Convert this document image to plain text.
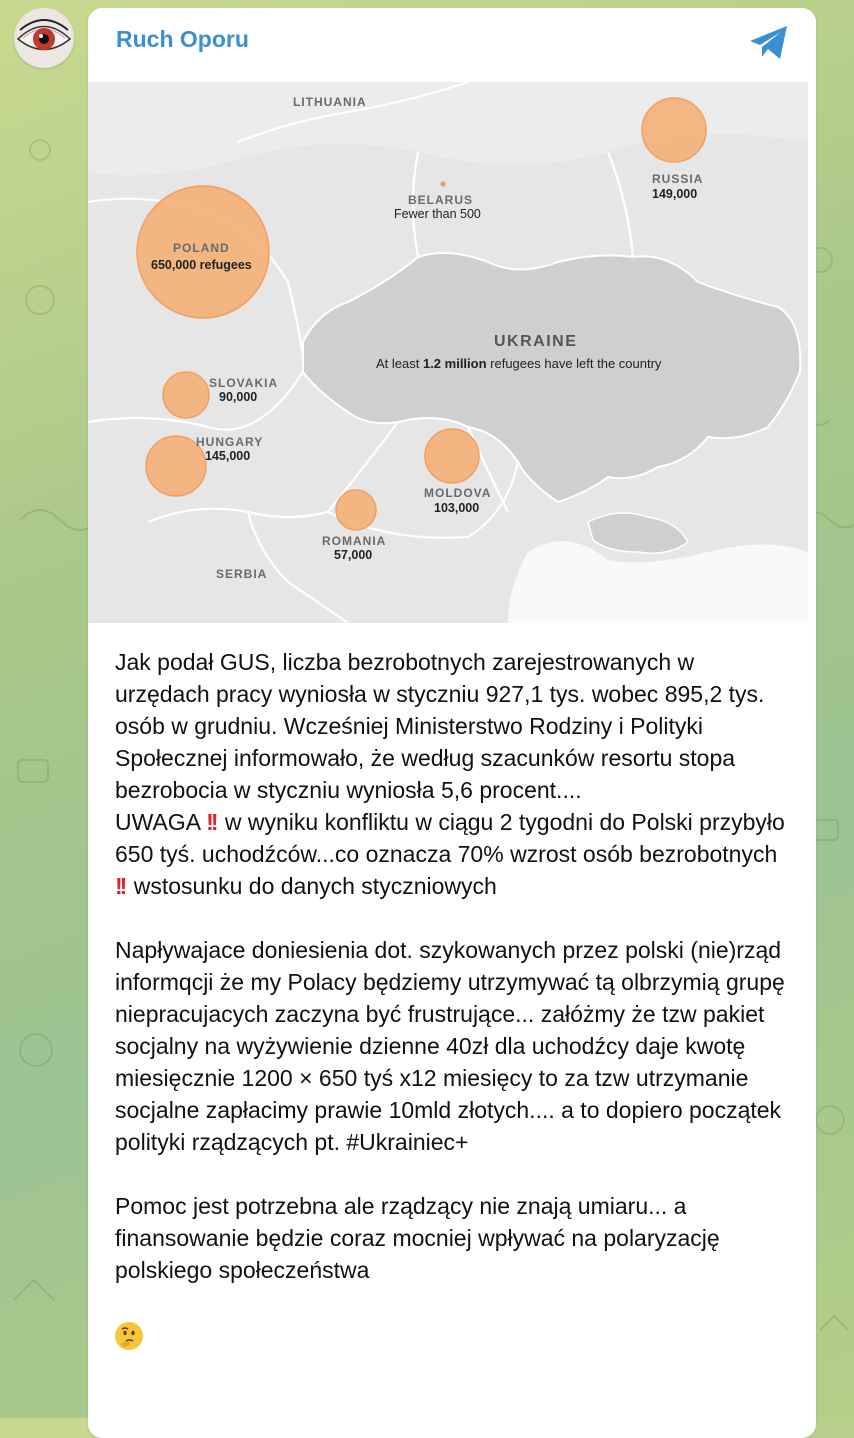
Ruch Oporu
LITHUANIA
BELARUS
RUSSIA
POLAND
SLOVAKIA
HUNGARY
MOLDOVA
ROMANIA
SERBIA
UKRAINE
Fewer than 500
149,000
650,000 refugees
90,000
145,000
103,000
57,000
At least 1.2 million refugees have left the country

Jak podał GUS, liczba bezrobotnych zarejestrowanych w urzędach pracy wyniosła w styczniu 927,1 tys. wobec 895,2 tys. osób w grudniu. Wcześniej Ministerstwo Rodziny i Polityki Społecznej informowało, że według szacunków resortu stopa bezrobocia w styczniu wyniosła 5,6 procent....

UWAGA !! w wyniku konfliktu w ciągu 2 tygodni do Polski przybyło 650 tyś. uchodźców...co oznacza 70% wzrost osób bezrobotnych !! wstosunku do danych styczniowych

Napływajace doniesienia dot. szykowanych przez polski (nie)rząd informqcji że my Polacy będziemy utrzymywać tą olbrzymią grupę niepracujacych zaczyna być frustrujące... załóżmy że tzw pakiet socjalny na wyżywienie dzienne 40zł dla uchodźcy daje kwotę miesięcznie 1200 × 650 tyś x12 miesięcy to za tzw utrzymanie socjalne zapłacimy prawie 10mld złotych.... a to dopiero początek polityki rządzących pt. #Ukrainiec+

Pomoc jest potrzebna ale rządzący nie znają umiaru... a finansowanie będzie coraz mocniej wpływać na polaryzację polskiego społeczeństwa
